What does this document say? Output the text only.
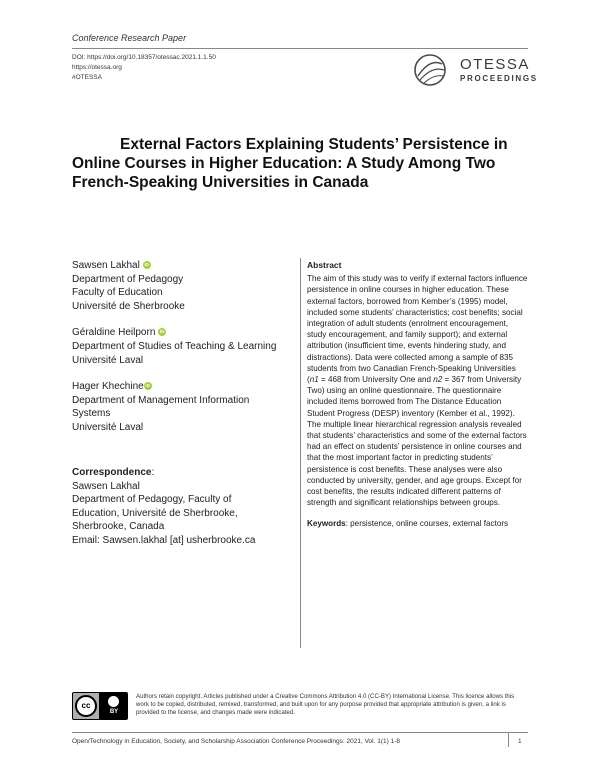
Conference Research Paper
DOI: https://doi.org/10.18357/otessac.2021.1.1.50
https://otessa.org
#OTESSA
OTESSA
PROCEEDINGS
External Factors Explaining Students’ Persistence in Online Courses in Higher Education: A Study Among Two French-Speaking Universities in Canada
Sawsen Lakhal iD
Department of Pedagogy
Faculty of Education
Université de Sherbrooke
Géraldine Heilporn iD
Department of Studies of Teaching & Learning
Université Laval
Hager Khechine iD
Department of Management Information
Systems
Université Laval
Correspondence:
Sawsen Lakhal
Department of Pedagogy, Faculty of
Education, Université de Sherbrooke,
Sherbrooke, Canada
Email: Sawsen.lakhal [at] usherbrooke.ca
Abstract
The aim of this study was to verify if external factors influence persistence in online courses in higher education. These external factors, borrowed from Kember’s (1995) model, included some students’ characteristics; cost benefits; social integration of adult students (enrolment encouragement, study encouragement, and family support); and external attribution (insufficient time, events hindering study, and distractions). Data were collected among a sample of 835 students from two Canadian French-Speaking Universities (n1 = 468 from University One and n2 = 367 from University Two) using an online questionnaire. The questionnaire included items borrowed from The Distance Education Student Progress (DESP) inventory (Kember et al., 1992). The multiple linear hierarchical regression analysis revealed that students’ characteristics and some of the external factors had an effect on students’ persistence in online courses and that the most important factor in predicting students’ persistence is cost benefits. These analyses were also conducted by university, gender, and age groups. Except for cost benefits, the results indicated different patterns of strength and significant relationships between groups.
Keywords: persistence, online courses, external factors
cc
BY
Authors retain copyright. Articles published under a Creative Commons Attribution 4.0 (CC-BY) International License. This licence allows this work to be copied, distributed, remixed, transformed, and built upon for any purpose provided that appropriate attribution is given, a link is provided to the license, and changes made were indicated.
Open/Technology in Education, Society, and Scholarship Association Conference Proceedings: 2021, Vol. 1(1) 1-8	1
